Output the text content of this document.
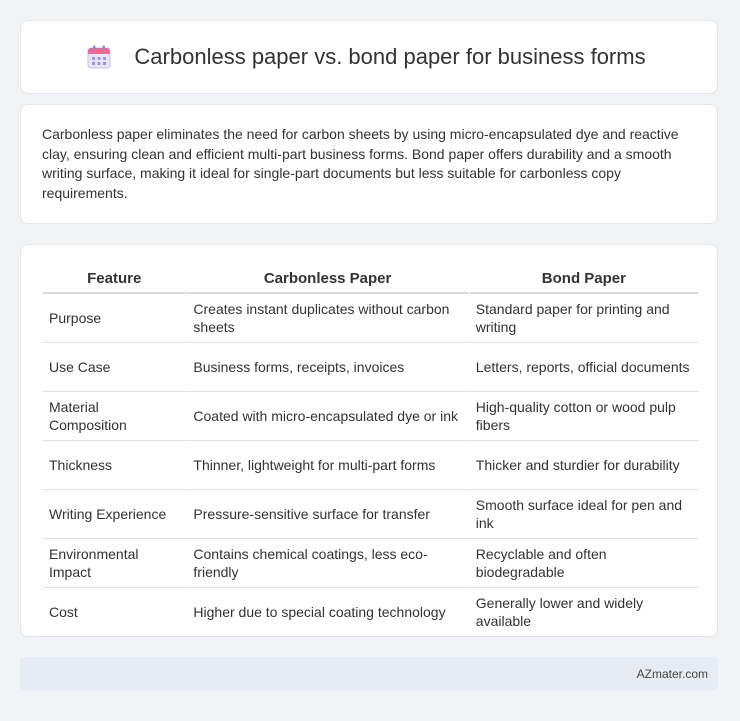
Carbonless paper vs. bond paper for business forms

Carbonless paper eliminates the need for carbon sheets by using micro-encapsulated dye and reactive clay, ensuring clean and efficient multi-part business forms. Bond paper offers durability and a smooth writing surface, making it ideal for single-part documents but less suitable for carbonless copy requirements.

Feature	Carbonless Paper	Bond Paper
Purpose	Creates instant duplicates without carbon sheets	Standard paper for printing and writing
Use Case	Business forms, receipts, invoices	Letters, reports, official documents
Material Composition	Coated with micro-encapsulated dye or ink	High-quality cotton or wood pulp fibers
Thickness	Thinner, lightweight for multi-part forms	Thicker and sturdier for durability
Writing Experience	Pressure-sensitive surface for transfer	Smooth surface ideal for pen and ink
Environmental Impact	Contains chemical coatings, less eco-friendly	Recyclable and often biodegradable
Cost	Higher due to special coating technology	Generally lower and widely available
AZmater.com
